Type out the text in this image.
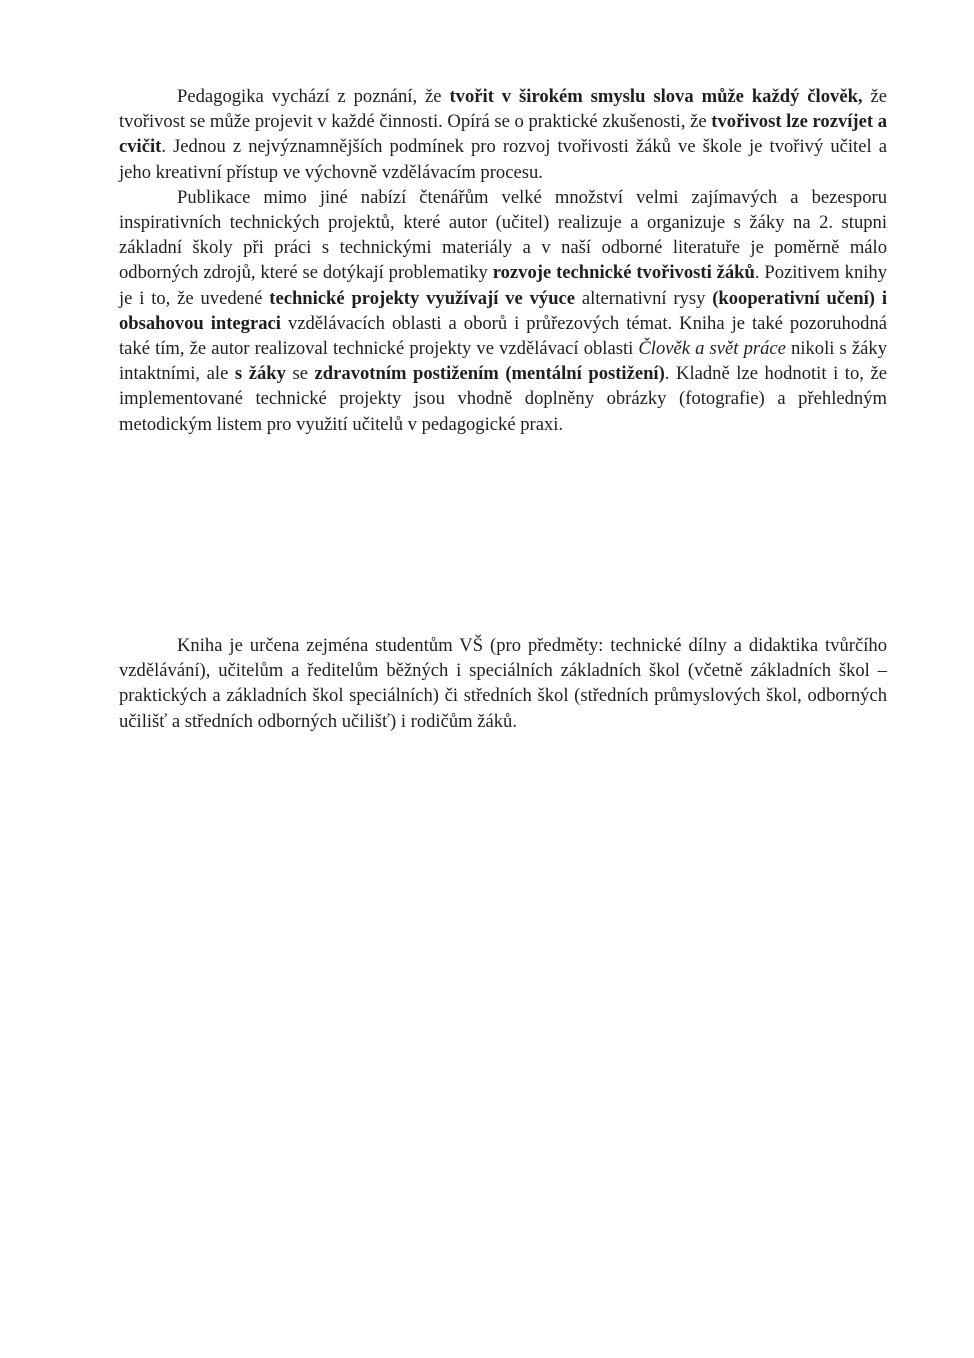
Pedagogika vychází z poznání, že tvořit v širokém smyslu slova může každý člověk, že tvořivost se může projevit v každé činnosti. Opírá se o praktické zkušenosti, že tvořivost lze rozvíjet a cvičit. Jednou z nejvýznamnějších podmínek pro rozvoj tvořivosti žáků ve škole je tvořivý učitel a jeho kreativní přístup ve výchovně vzdělávacím procesu.

Publikace mimo jiné nabízí čtenářům velké množství velmi zajímavých a bezesporu inspirativních technických projektů, které autor (učitel) realizuje a organizuje s žáky na 2. stupni základní školy při práci s technickými materiály a v naší odborné literatuře je poměrně málo odborných zdrojů, které se dotýkají problematiky rozvoje technické tvořivosti žáků. Pozitivem knihy je i to, že uvedené technické projekty využívají ve výuce alternativní rysy (kooperativní učení) i obsahovou integraci vzdělávacích oblasti a oborů i průřezových témat. Kniha je také pozoruhodná také tím, že autor realizoval technické projekty ve vzdělávací oblasti Člověk a svět práce nikoli s žáky intaktními, ale s žáky se zdravotním postižením (mentální postižení). Kladně lze hodnotit i to, že implementované technické projekty jsou vhodně doplněny obrázky (fotografie) a přehledným metodickým listem pro využití učitelů v pedagogické praxi.

Kniha je určena zejména studentům VŠ (pro předměty: technické dílny a didaktika tvůrčího vzdělávání), učitelům a ředitelům běžných i speciálních základních škol (včetně základních škol – praktických a základních škol speciálních) či středních škol (středních průmyslových škol, odborných učilišť a středních odborných učilišť) i rodičům žáků.
